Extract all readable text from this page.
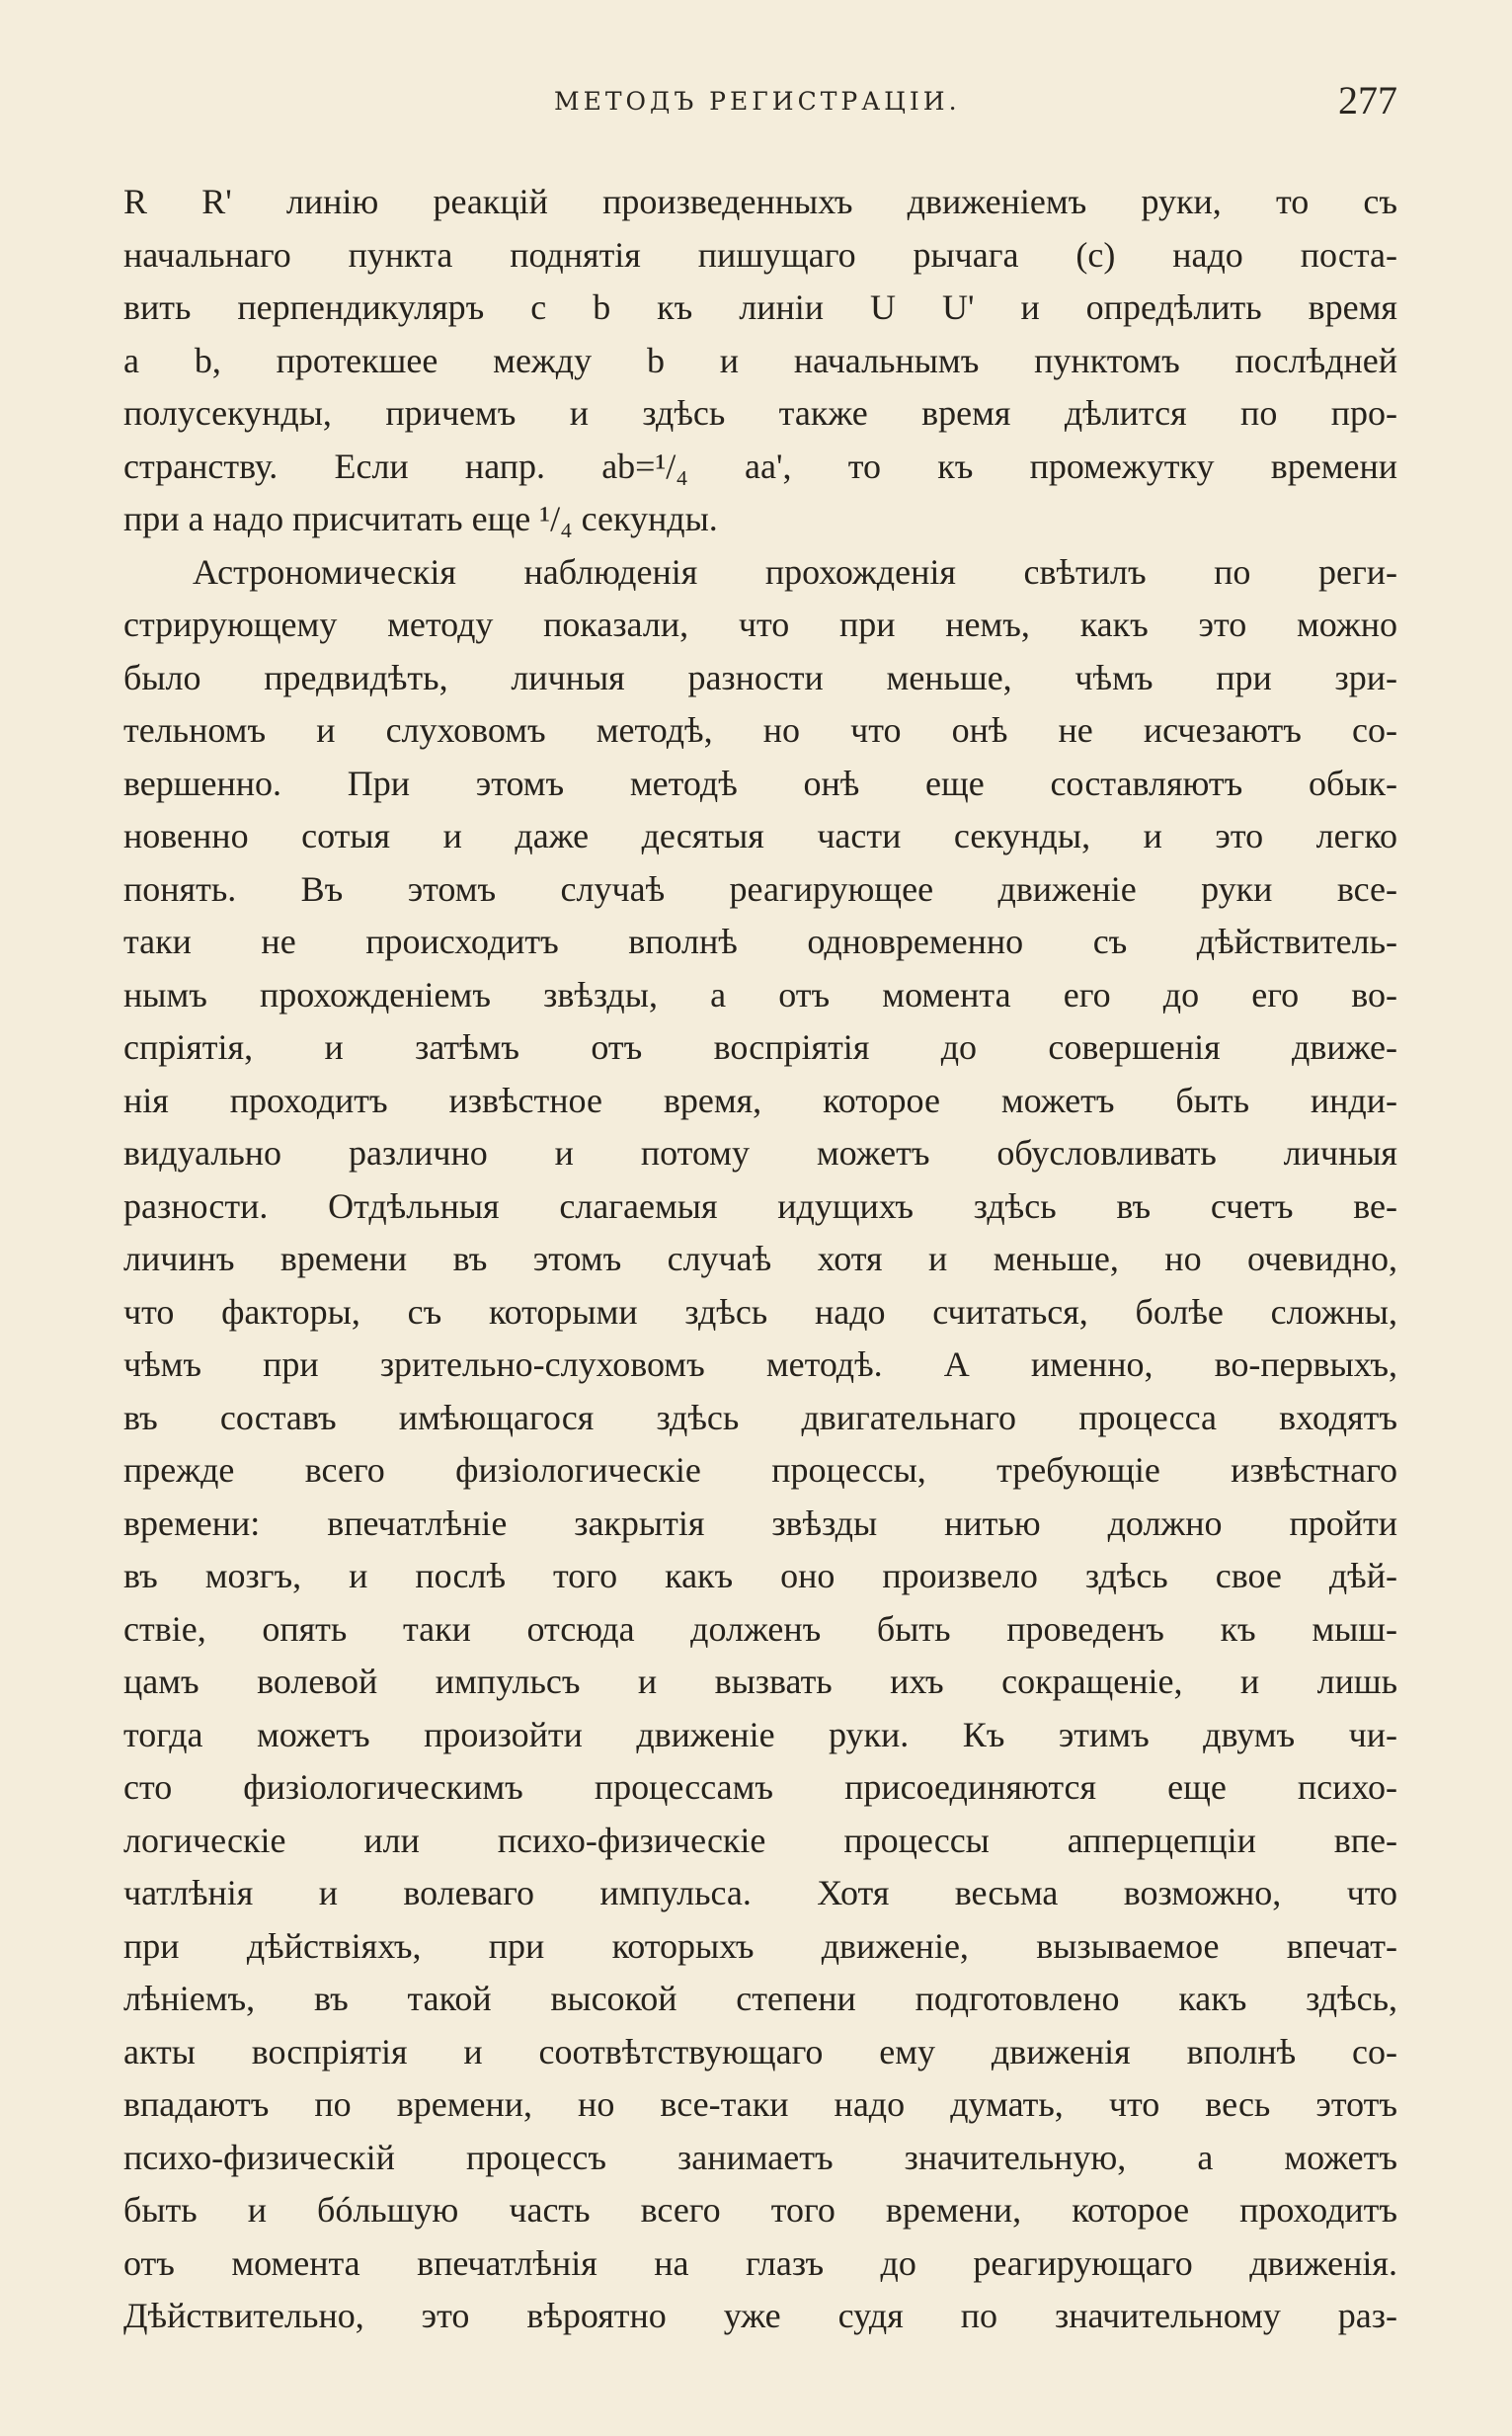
МЕТОДЪ РЕГИСТРАЦІИ.	277
R R' линію реакцій произведенныхъ движеніемъ руки, то съ
начальнаго пункта поднятія пишущаго рычага (c) надо поста-
вить перпендикуляръ c b къ линіи U U' и опредѣлить время
a b, протекшее между b и начальнымъ пунктомъ послѣдней
полусекунды, причемъ и здѣсь также время дѣлится по про-
странству. Если напр. ab=¹/₄ aa', то къ промежутку времени
при a надо присчитать еще ¹/₄ секунды.
Астрономическія наблюденія прохожденія свѣтилъ по реги-
стрирующему методу показали, что при немъ, какъ это можно
было предвидѣть, личныя разности меньше, чѣмъ при зри-
тельномъ и слуховомъ методѣ, но что онѣ не исчезаютъ со-
вершенно. При этомъ методѣ онѣ еще составляютъ обык-
новенно сотыя и даже десятыя части секунды, и это легко
понять. Въ этомъ случаѣ реагирующее движеніе руки все-
таки не происходитъ вполнѣ одновременно съ дѣйствитель-
нымъ прохожденіемъ звѣзды, а отъ момента его до его во-
спріятія, и затѣмъ отъ воспріятія до совершенія движе-
нія проходитъ извѣстное время, которое можетъ быть инди-
видуально различно и потому можетъ обусловливать личныя
разности. Отдѣльныя слагаемыя идущихъ здѣсь въ счетъ ве-
личинъ времени въ этомъ случаѣ хотя и меньше, но очевидно,
что факторы, съ которыми здѣсь надо считаться, болѣе сложны,
чѣмъ при зрительно-слуховомъ методѣ. А именно, во-первыхъ,
въ составъ имѣющагося здѣсь двигательнаго процесса входятъ
прежде всего физіологическіе процессы, требующіе извѣстнаго
времени: впечатлѣніе закрытія звѣзды нитью должно пройти
въ мозгъ, и послѣ того какъ оно произвело здѣсь свое дѣй-
ствіе, опять таки отсюда долженъ быть проведенъ къ мыш-
цамъ волевой импульсъ и вызвать ихъ сокращеніе, и лишь
тогда можетъ произойти движеніе руки. Къ этимъ двумъ чи-
сто физіологическимъ процессамъ присоединяются еще психо-
логическіе или психо-физическіе процессы апперцепціи впе-
чатлѣнія и волеваго импульса. Хотя весьма возможно, что
при дѣйствіяхъ, при которыхъ движеніе, вызываемое впечат-
лѣніемъ, въ такой высокой степени подготовлено какъ здѣсь,
акты воспріятія и соотвѣтствующаго ему движенія вполнѣ со-
впадаютъ по времени, но все-таки надо думать, что весь этотъ
психо-физическій процессъ занимаетъ значительную, а можетъ
быть и бóльшую часть всего того времени, которое проходитъ
отъ момента впечатлѣнія на глазъ до реагирующаго движенія.
Дѣйствительно, это вѣроятно уже судя по значительному раз-
